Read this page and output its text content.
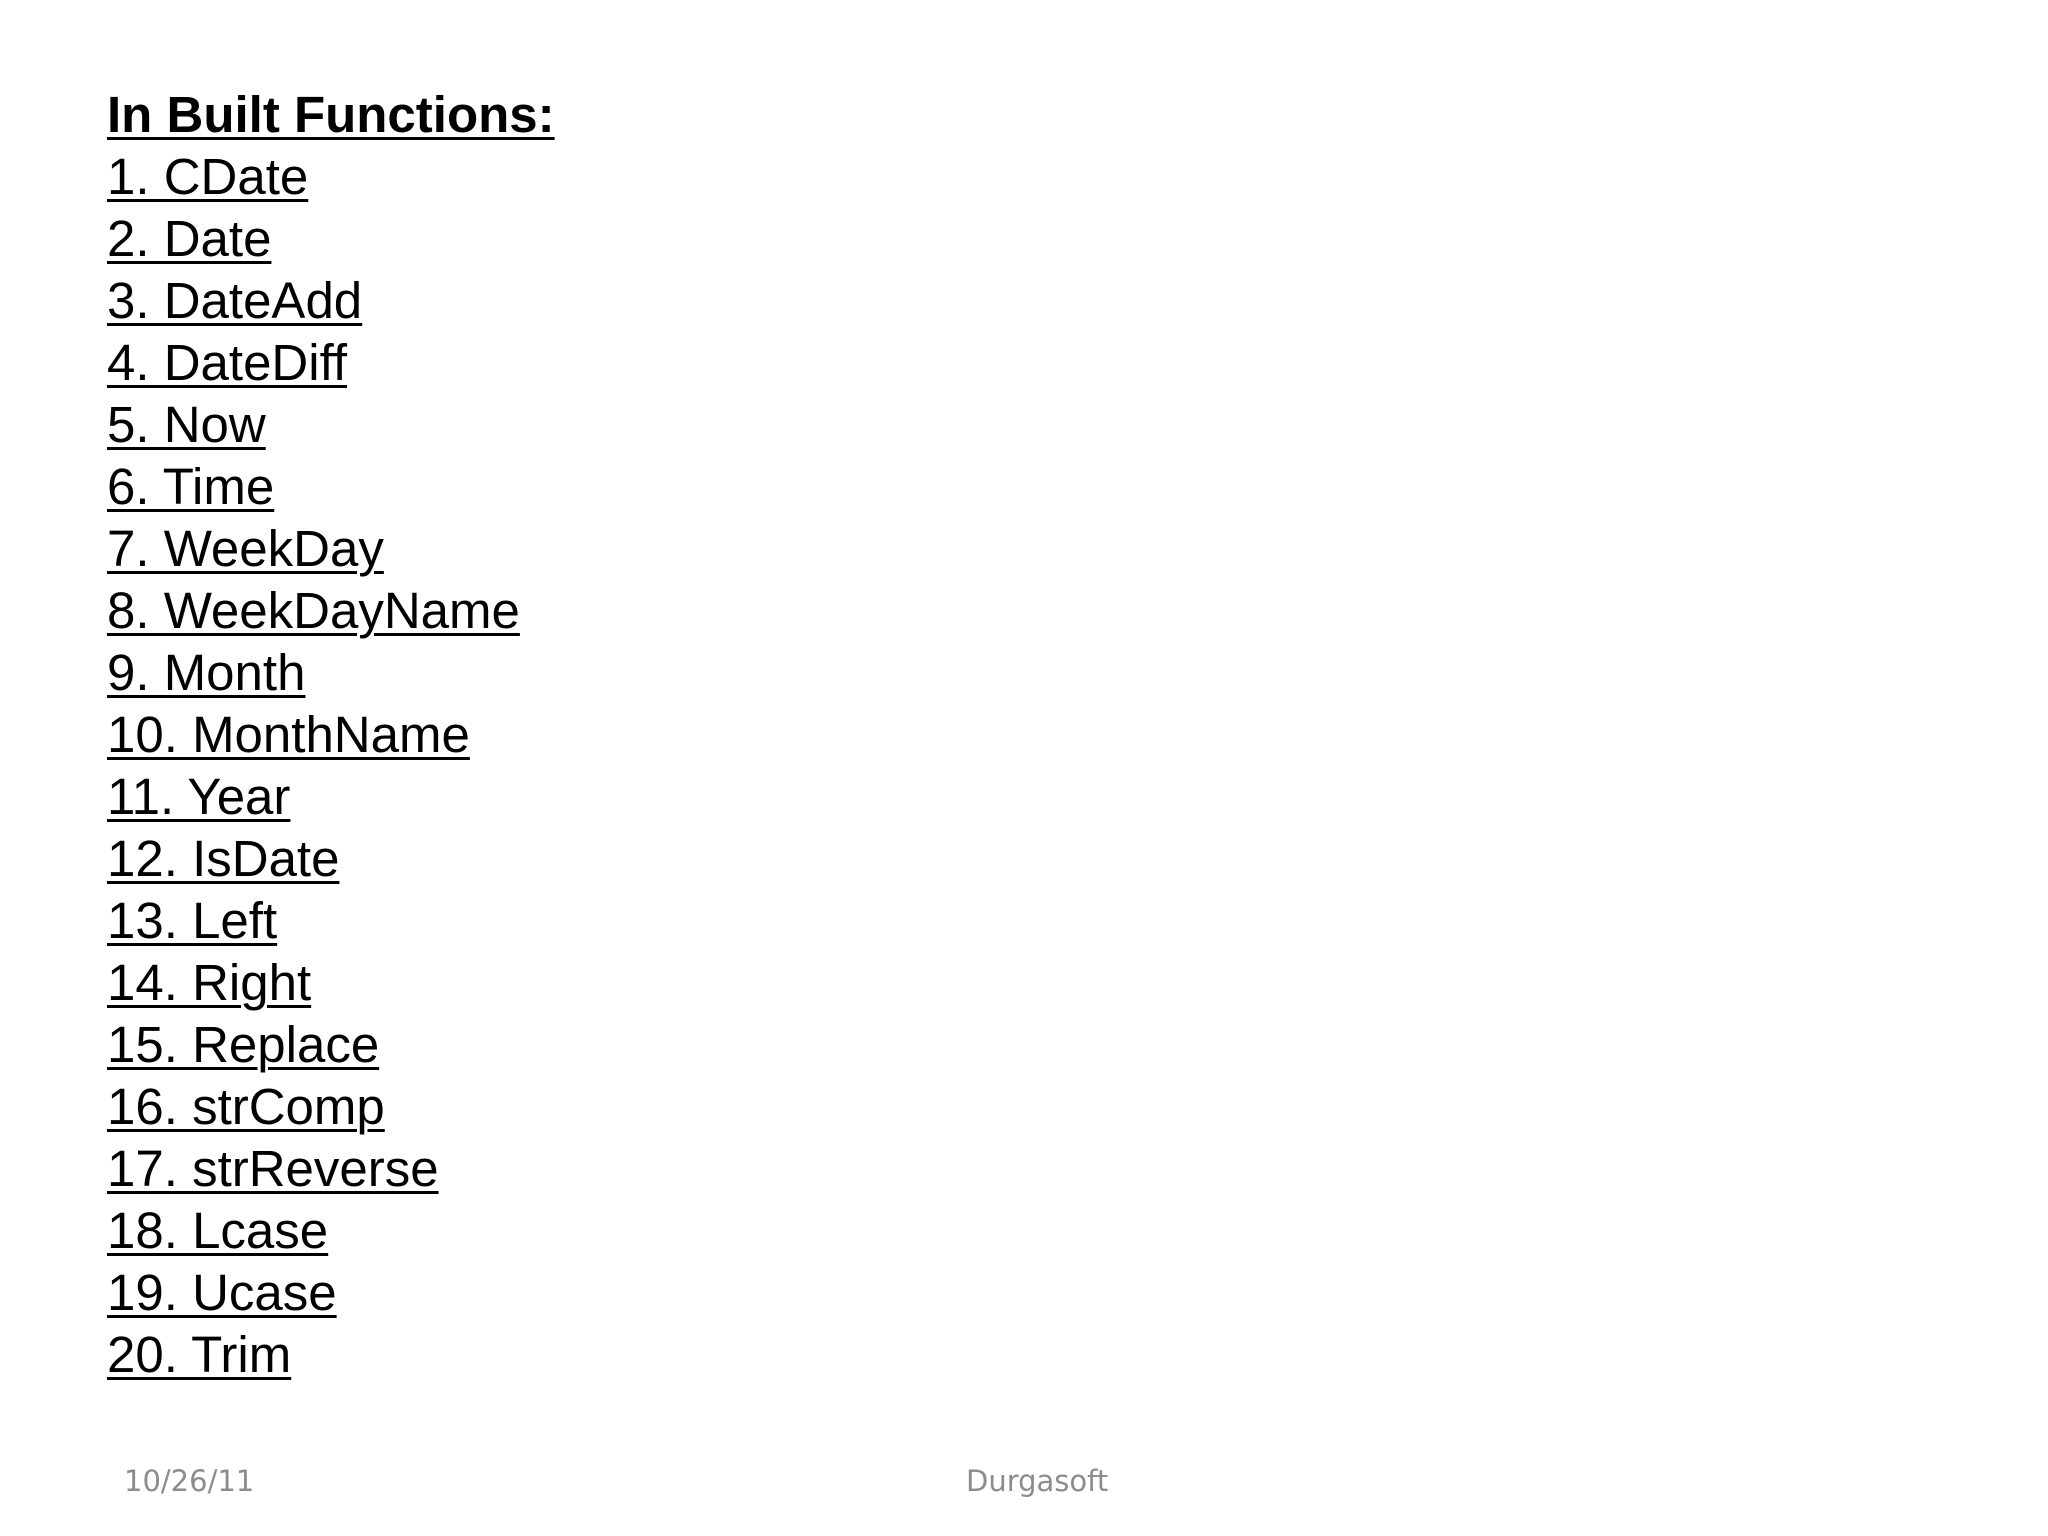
In Built Functions:
1. CDate
2. Date
3. DateAdd
4. DateDiff
5. Now
6. Time
7. WeekDay
8. WeekDayName
9. Month
10. MonthName
11. Year
12. IsDate
13. Left
14. Right
15. Replace
16. strComp
17. strReverse
18. Lcase
19. Ucase
20. Trim
10/26/11	Durgasoft
